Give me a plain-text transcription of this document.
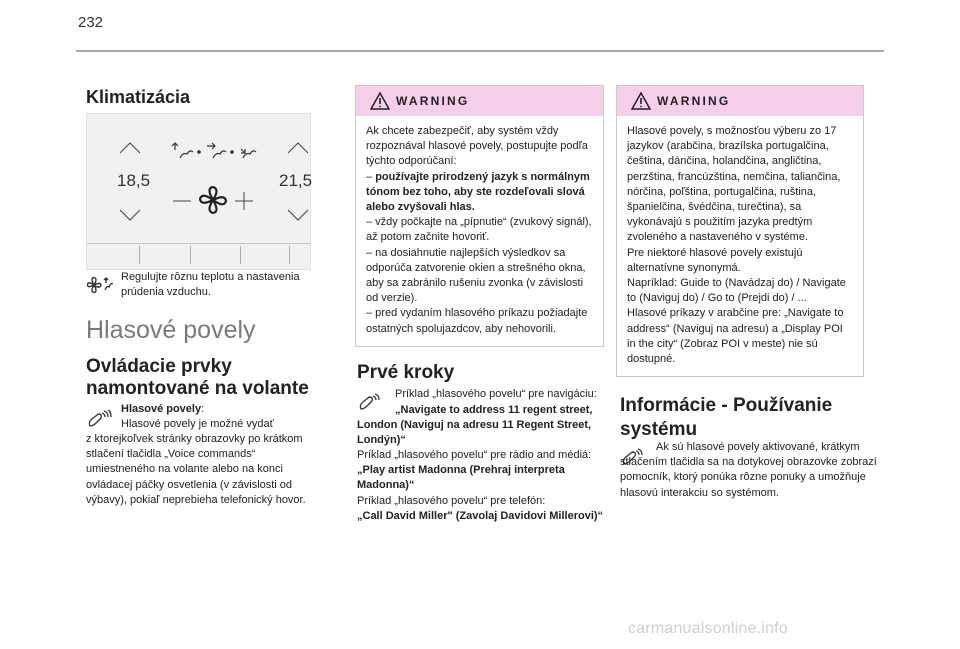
232
Klimatizácia
18,5	21,5
Regulujte rôznu teplotu a nastavenia prúdenia vzduchu.
Hlasové povely
Ovládacie prvky
namontované na volante
Hlasové povely:
Hlasové povely je možné vydať
z ktorejkoľvek stránky obrazovky po krátkom stlačení tlačidla „Voice commands“ umiestneného na volante alebo na konci ovládacej páčky osvetlenia (v závislosti od výbavy), pokiaľ neprebieha telefonický hovor.
WARNING
Ak chcete zabezpečiť, aby systém vždy rozpoznával hlasové povely, postupujte podľa týchto odporúčaní:
– používajte prirodzený jazyk s normálnym tónom bez toho, aby ste rozdeľovali slová alebo zvyšovali hlas.
– vždy počkajte na „pípnutie“ (zvukový signál), až potom začnite hovoriť.
– na dosiahnutie najlepších výsledkov sa odporúča zatvorenie okien a strešného okna, aby sa zabránilo rušeniu zvonka (v závislosti od verzie).
– pred vydaním hlasového príkazu požiadajte ostatných spolujazdcov, aby nehovorili.
Prvé kroky
Príklad „hlasového povelu“ pre navigáciu:
„Navigate to address 11 regent street, London (Naviguj na adresu 11 Regent Street, Londýn)“
Príklad „hlasového povelu“ pre rádio and médiá:
„Play artist Madonna (Prehraj interpreta Madonna)“
Príklad „hlasového povelu“ pre telefón:
„Call David Miller" (Zavolaj Davidovi Millerovi)“
WARNING
Hlasové povely, s možnosťou výberu zo 17 jazykov (arabčina, brazílska portugalčina, čeština, dánčina, holandčina, angličtina, perzština, francúzština, nemčina, taliančina, nórčina, poľština, portugalčina, ruština, španielčina, švédčina, turečtina), sa vykonávajú s použitím jazyka predtým zvoleného a nastaveného v systéme.
Pre niektoré hlasové povely existujú alternatívne synonymá.
Napríklad: Guide to (Navádzaj do) / Navigate to (Naviguj do) / Go to (Prejdi do) / ...
Hlasové príkazy v arabčine pre: „Navigate to address“ (Naviguj na adresu) a „Display POI in the city“ (Zobraz POI v meste) nie sú dostupné.
Informácie - Používanie
systému
Ak sú hlasové povely aktivované, krátkym stlačením tlačidla sa na dotykovej obrazovke zobrazí pomocník, ktorý ponúka rôzne ponuky a umožňuje hlasovú interakciu so systémom.
carmanualsonline.info
